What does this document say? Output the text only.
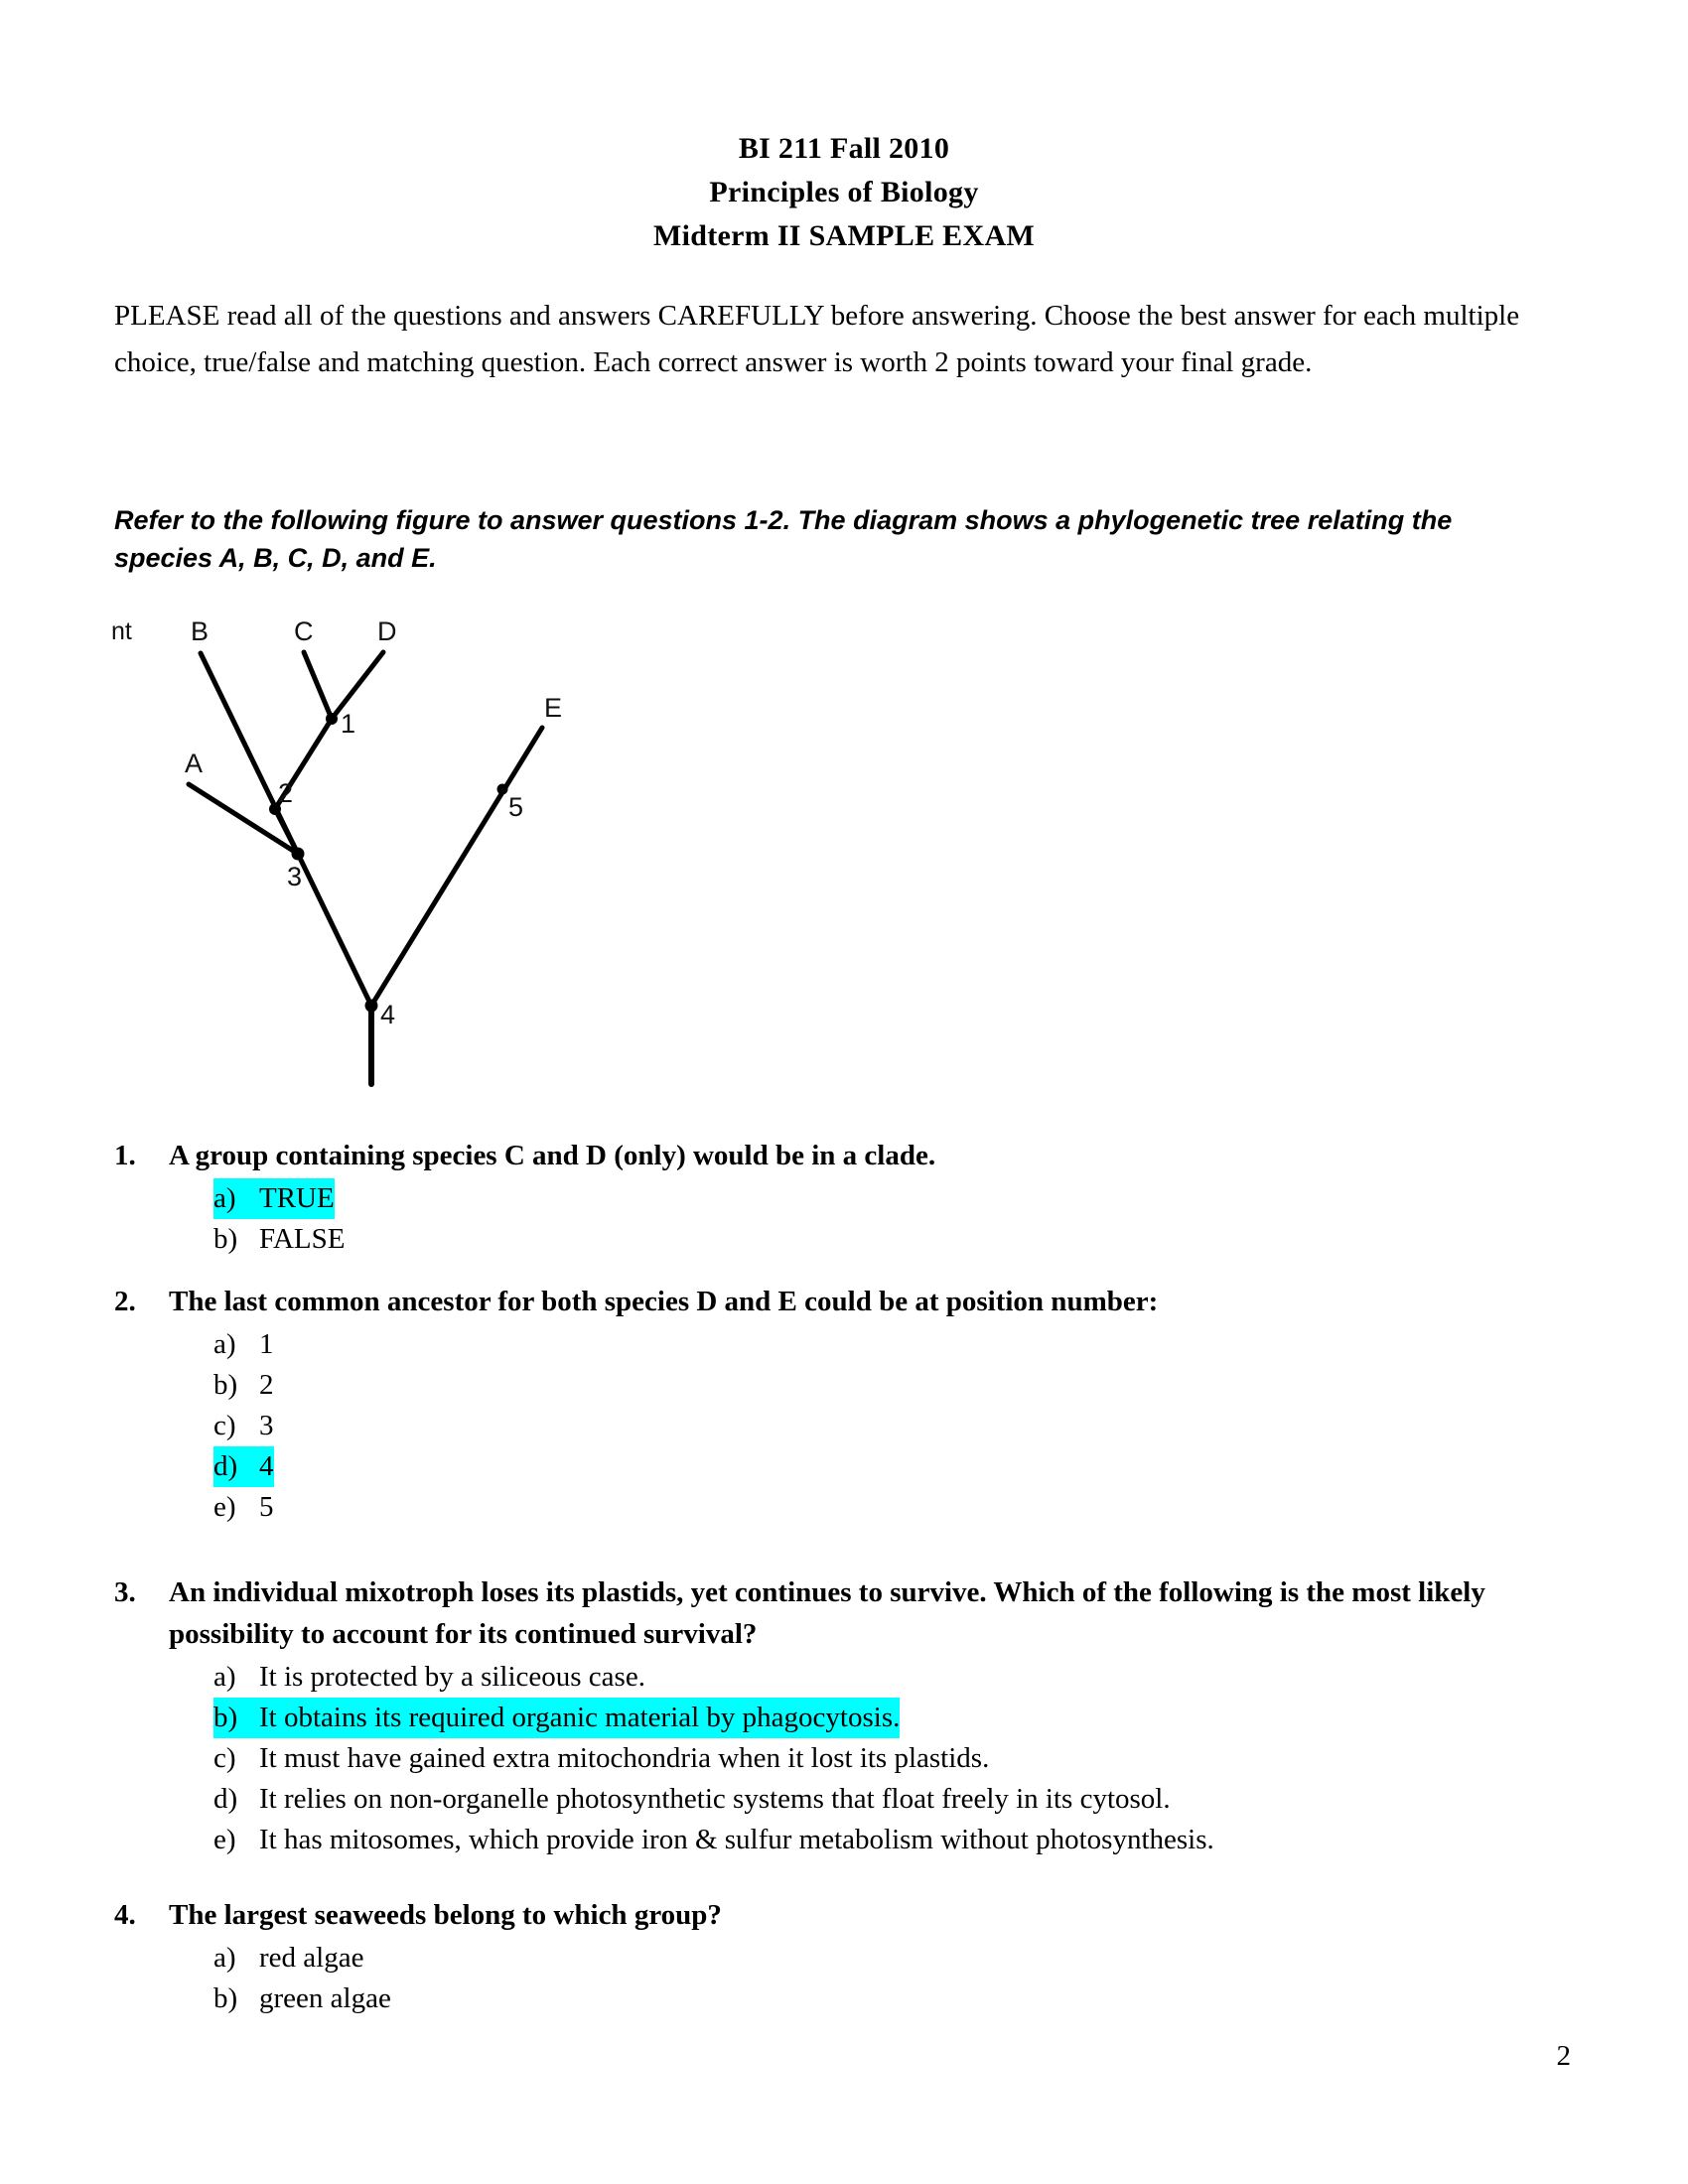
BI 211 Fall 2010
Principles of Biology
Midterm II SAMPLE EXAM
PLEASE read all of the questions and answers CAREFULLY before answering. Choose the best answer for each multiple choice, true/false and matching question. Each correct answer is worth 2 points toward your final grade.
Refer to the following figure to answer questions 1-2. The diagram shows a phylogenetic tree relating the species A, B, C, D, and E.
nt
A
B	C D
E
1
2
3
4
5
1.	A group containing species C and D (only) would be in a clade.
a) TRUE
b) FALSE
2.	The last common ancestor for both species D and E could be at position number:
a) 1
b) 2
c) 3
d) 4
e) 5
3.	An individual mixotroph loses its plastids, yet continues to survive. Which of the following is the most likely possibility to account for its continued survival?
a) It is protected by a siliceous case.
b) It obtains its required organic material by phagocytosis.
c) It must have gained extra mitochondria when it lost its plastids.
d) It relies on non-organelle photosynthetic systems that float freely in its cytosol.
e) It has mitosomes, which provide iron & sulfur metabolism without photosynthesis.
4.	The largest seaweeds belong to which group?
a) red algae
b) green algae
2
